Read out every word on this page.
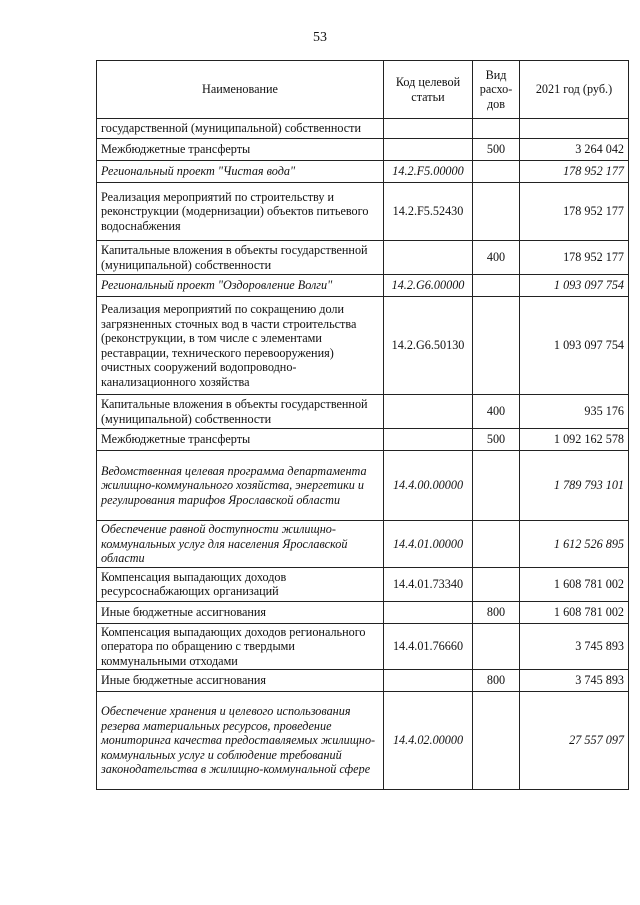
53
Наименование	Код целевой статьи	Вид расхо-дов	2021 год (руб.)
государственной (муниципальной) собственности			
Межбюджетные трансферты		500	3 264 042
Региональный проект "Чистая вода"	14.2.F5.00000		178 952 177
Реализация мероприятий по строительству и реконструкции (модернизации) объектов питьевого водоснабжения	14.2.F5.52430		178 952 177
Капитальные вложения в объекты государственной (муниципальной) собственности		400	178 952 177
Региональный проект "Оздоровление Волги"	14.2.G6.00000		1 093 097 754
Реализация мероприятий по сокращению доли загрязненных сточных вод в части строительства (реконструкции, в том числе с элементами реставрации, технического перевооружения) очистных сооружений водопроводно-канализационного хозяйства	14.2.G6.50130		1 093 097 754
Капитальные вложения в объекты государственной (муниципальной) собственности		400	935 176
Межбюджетные трансферты		500	1 092 162 578
Ведомственная целевая программа департамента жилищно-коммунального хозяйства, энергетики и регулирования тарифов Ярославской области	14.4.00.00000		1 789 793 101
Обеспечение равной доступности жилищно-коммунальных услуг для населения Ярославской области	14.4.01.00000		1 612 526 895
Компенсация выпадающих доходов ресурсоснабжающих организаций	14.4.01.73340		1 608 781 002
Иные бюджетные ассигнования		800	1 608 781 002
Компенсация выпадающих доходов регионального оператора по обращению с твердыми коммунальными отходами	14.4.01.76660		3 745 893
Иные бюджетные ассигнования		800	3 745 893
Обеспечение хранения и целевого использования резерва материальных ресурсов, проведение мониторинга качества предоставляемых жилищно-коммунальных услуг и соблюдение требований законодательства в жилищно-коммунальной сфере	14.4.02.00000		27 557 097
